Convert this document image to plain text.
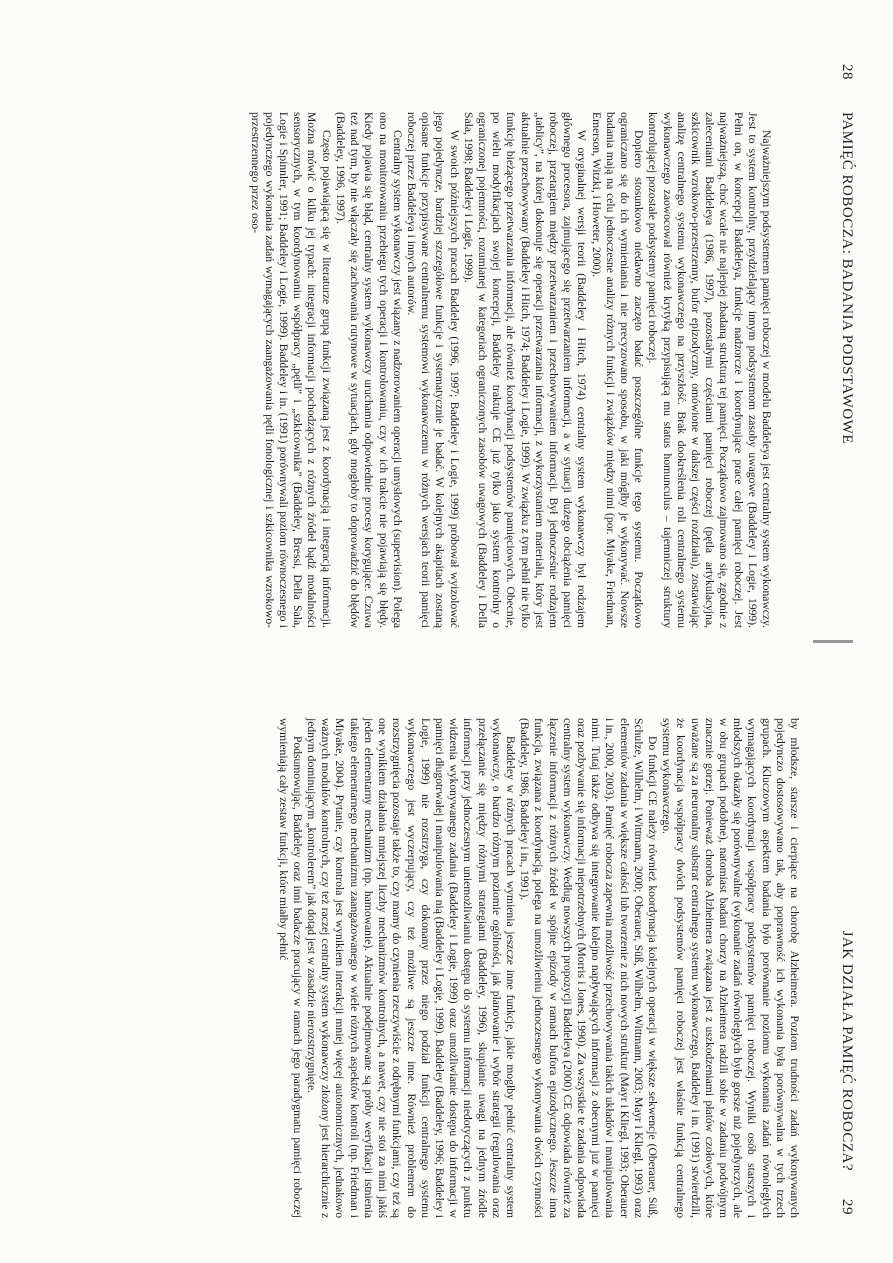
28
PAMIĘĆ ROBOCZA: BADANIA PODSTAWOWE

Najważniejszym podsystemem pamięci roboczej w modelu Baddeleya jest centralny system wykonawczy. Jest to system kontrolny, przydzielający innym podsystemom zasoby uwagowe (Baddeley i Logie, 1999). Pełni on, w koncepcji Baddeleya, funkcje nadzorcze i koordynujące prace całej pamięci roboczej. Jest najważniejszą, choć wcale nie najlepiej zbadaną strukturą tej pamięci. Początkowo zajmowano się, zgodnie z zaleceniami Baddeleya (1986, 1997), pozostałymi częściami pamięci roboczej (pętla artykulacyjna, szkicownik wzrokowo-przestrzenny, bufor epizodyczny, omówione w dalszej części rozdziału), zostawiając analizę centralnego systemu wykonawczego na przyszłość. Brak dookreślenia roli centralnego systemu wykonawczego zaowocował również krytyką przypisującą mu status homunculus – tajemniczej struktury kontrolującej pozostałe podsystemy pamięci roboczej.

Dopiero stosunkowo niedawno zaczęto badać poszczególne funkcje tego systemu. Początkowo ograniczano się do ich wymieniania i nie precyzowano sposobu, w jaki mógłby je wykonywać. Nowsze badania mają na celu jednoczesne analizy różnych funkcji i związków między nimi (por. Miyake, Friedman, Emerson, Witzki, i Howeter, 2000).

W oryginalnej wersji teorii (Baddeley i Hitch, 1974) centralny system wykonawczy był rodzajem głównego procesora, zajmującego się przetwarzaniem informacji, a w sytuacji dużego obciążenia pamięci roboczej, przetargiem między przetwarzaniem i przechowywaniem informacji. Był jednocześnie rodzajem „tablicy”, na której dokonuje się operacji przetwarzania informacji, z wykorzystaniem materiału, który jest aktualnie przechowywany (Baddeley i Hitch, 1974; Baddeley i Logie, 1999). W związku z tym pełnił nie tylko funkcję bieżącego przetwarzania informacji, ale również koordynacji podsystemów pamięciowych. Obecnie, po wielu modyfikacjach swojej koncepcji, Baddeley traktuje CE już tylko jako system kontrolny o ograniczonej pojemności, rozumianej w kategoriach ograniczonych zasobów uwagowych (Baddeley i Della Sala, 1998; Baddeley i Logie, 1999).

W swoich późniejszych pracach Baddeley (1996, 1997; Baddeley i Logie, 1999) próbował wyizolować jego pojedyncze, bardziej szczegółowe funkcje i systematycznie je badać. W kolejnych akapitach zostaną opisane funkcje przypisywane centralnemu systemowi wykonawczemu w różnych wersjach teorii pamięci roboczej przez Baddeleya i innych autorów.

Centralny system wykonawczy jest wiązany z nadzorowaniem operacji umysłowych (supervision). Polega ono na monitorowaniu przebiegu tych operacji i kontrolowaniu, czy w ich trakcie nie pojawiają się błędy. Kiedy pojawia się błąd, centralny system wykonawczy uruchamia odpowiednie procesy korygujące. Czuwa też nad tym, by nie włączały się zachowania rutynowe w sytuacjach, gdy mogłoby to doprowadzić do błędów (Baddeley, 1996, 1997).

Często pojawiającą się w literaturze grupą funkcji związaną jest z koordynacją i integracją informacji. Można mówić o kilku jej typach: integracji informacji pochodzących z różnych źródeł bądź modalności sensorycznych, w tym koordynowaniu współpracy „pętli” i „szkicownika” (Baddeley, Bressi, Della Sala, Logie i Spinnler, 1991; Baddeley i Logie, 1999). Baddeley i in. (1991) porównywali poziom równoczesnego i pojedynczego wykonania zadań wymagających zaangażowania pętli fonologicznej i szkicownika wzrokowo-przestrzennego przez oso-

JAK DZIAŁA PAMIĘĆ ROBOCZA?
29

by młodsze, starsze i cierpiące na chorobę Alzheimera. Poziom trudności zadań wykonywanych pojedynczo dostosowywano tak, aby poprawność ich wykonania była porównywalna w tych trzech grupach. Kluczowym aspektem badania było porównanie poziomu wykonania zadań równoległych wymagających koordynacji współpracy podsystemów pamięci roboczej. Wyniki osób starszych i młodszych okazały się porównywalne (wykonanie zadań równoległych było gorsze niż pojedynczych, ale w obu grupach podobne), natomiast badani chorzy na Alzheimera radzili sobie w zadaniu podwójnym znacznie gorzej. Ponieważ choroba Alzheimera związana jest z uszkodzeniami płatów czołowych, które uważane są za neuronalny substrat centralnego systemu wykonawczego, Baddeley i in. (1991) stwierdzili, że koordynacja współpracy dwóch podsystemów pamięci roboczej jest właśnie funkcją centralnego systemu wykonawczego.

Do funkcji CE należy również koordynacja kolejnych operacji w większe sekwencje (Oberauer, Süß, Schulze, Wilhelm, i Wittmann, 2000; Oberauer, Süß, Wilhelm, Wittmann, 2003; Mayr i Kliegl, 1993) oraz elementów zadania w większe całości lub tworzenie z nich nowych struktur (Mayr i Kliegl, 1993; Oberauer i in., 2000, 2003). Pamięć robocza zapewnia możliwość przechowywania takich układów i manipulowania nimi. Tutaj także odbywa się integrowanie kolejno napływających informacji z obecnymi już w pamięci oraz pozbywanie się informacji niepotrzebnych (Morris i Jones, 1990). Za wszystkie te zadania odpowiada centralny system wykonawczy. Według nowszych propozycji Baddeleya (2000) CE odpowiada również za łączenie informacji z różnych źródeł w spójne epizody w ramach bufora epizodycznego. Jeszcze inna funkcja, związana z koordynacją, polega na umożliwieniu jednoczesnego wykonywania dwóch czynności (Baddeley, 1986, Baddeley i in., 1991).

Baddeley w różnych pracach wymienia jeszcze inne funkcje, jakie mogłby pełnić centralny system wykonawczy, o bardzo różnym poziomie ogólności, jak planowanie i wybór strategii (regulowania oraz przełączanie się między różnymi strategiami (Baddeley, 1996), skupianie uwagi na jednym źródle informacji przy jednoczesnym uniemożliwianiu dostępu do systemu informacji niedotyczących z punktu widzenia wykonywanego zadania (Baddeley i Logie, 1999) oraz umożliwianie dostępu do informacji w pamięci długotrwałej i manipulowania nią (Baddeley i Logie, 1999). Baddeley (Baddeley, 1996; Baddeley i Logie, 1999) nie rozstrzyga, czy dokonany przez niego podział funkcji centralnego systemu wykonawczego jest wyczerpujący, czy też możliwe są jeszcze inne. Również problemem do rozstrzygnięcia pozostaje także to, czy mamy do czynienia rzeczywiście z odrębnymi funkcjami, czy też są one wynikiem działania mniejszej liczby mechanizmów kontrolnych, a nawet, czy nie stoi za nimi jakiś jeden elementarny mechanizm (np. hamowanie). Aktualnie podejmowane są próby weryfikacji istnienia takiego elementarnego mechanizmu zaangażowanego w wiele różnych aspektów kontroli (np. Friedman i Miyake, 2004). Pytanie, czy kontrola jest wynikiem interakcji mniej więcej autonomicznych, jednakowo ważnych modułów kontrolnych, czy też raczej centralny system wykonawczy złożony jest hierarchicznie z jednym dominującym „kontrolerem” jak dotąd jest w zasadzie nierozstrzygnięte.

Podsumowując, Baddeley oraz inni badacze pracujący w ramach jego paradygmatu pamięci roboczej wymieniają cały zestaw funkcji, które miałby pełnić
